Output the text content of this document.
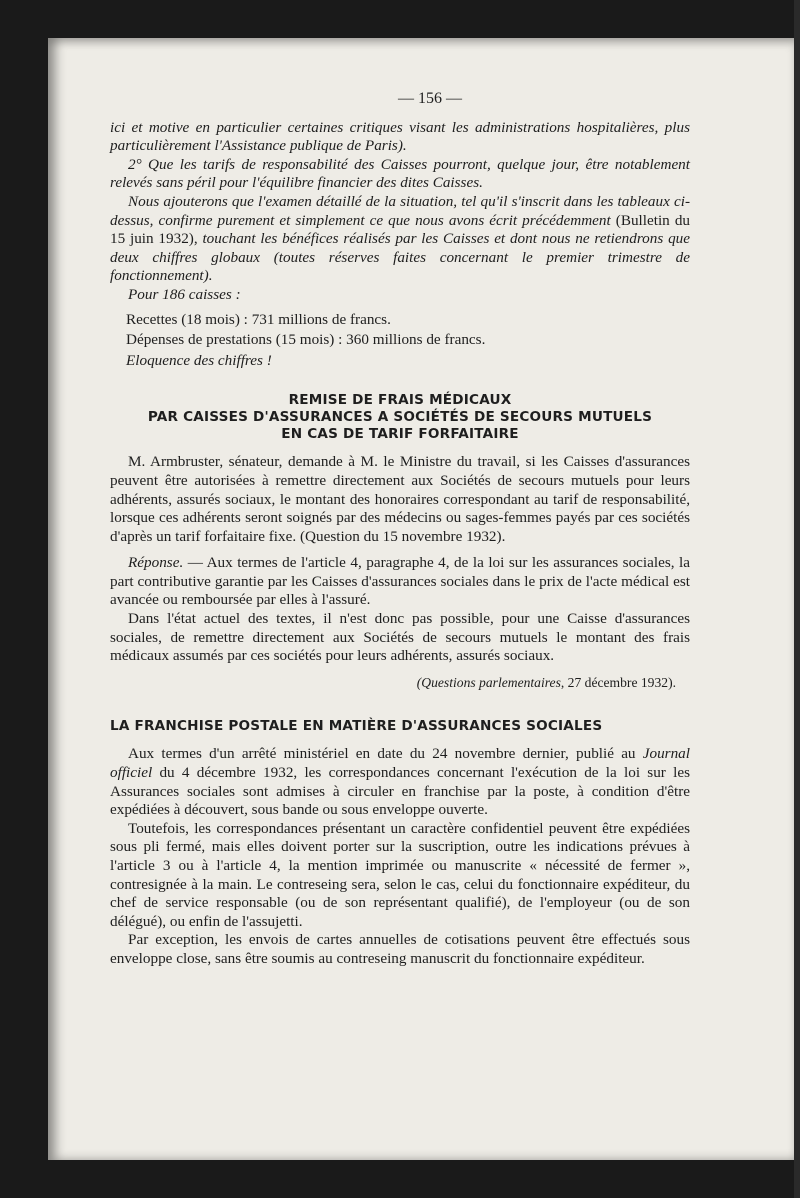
— 156 —

ici et motive en particulier certaines critiques visant les administrations hospitalières, plus particulièrement l'Assistance publique de Paris).

2° Que les tarifs de responsabilité des Caisses pourront, quelque jour, être notablement relevés sans péril pour l'équilibre financier des dites Caisses.

Nous ajouterons que l'examen détaillé de la situation, tel qu'il s'inscrit dans les tableaux ci-dessus, confirme purement et simplement ce que nous avons écrit précédemment (Bulletin du 15 juin 1932), touchant les bénéfices réalisés par les Caisses et dont nous ne retiendrons que deux chiffres globaux (toutes réserves faites concernant le premier trimestre de fonctionnement).

Pour 186 caisses :

Recettes (18 mois) : 731 millions de francs.

Dépenses de prestations (15 mois) : 360 millions de francs.

Eloquence des chiffres !

REMISE DE FRAIS MÉDICAUX
PAR CAISSES D'ASSURANCES A SOCIÉTÉS DE SECOURS MUTUELS
EN CAS DE TARIF FORFAITAIRE

M. Armbruster, sénateur, demande à M. le Ministre du travail, si les Caisses d'assurances peuvent être autorisées à remettre directement aux Sociétés de secours mutuels pour leurs adhérents, assurés sociaux, le montant des honoraires correspondant au tarif de responsabilité, lorsque ces adhérents seront soignés par des médecins ou sages-femmes payés par ces sociétés d'après un tarif forfaitaire fixe. (Question du 15 novembre 1932).

Réponse. — Aux termes de l'article 4, paragraphe 4, de la loi sur les assurances sociales, la part contributive garantie par les Caisses d'assurances sociales dans le prix de l'acte médical est avancée ou remboursée par elles à l'assuré.

Dans l'état actuel des textes, il n'est donc pas possible, pour une Caisse d'assurances sociales, de remettre directement aux Sociétés de secours mutuels le montant des frais médicaux assumés par ces sociétés pour leurs adhérents, assurés sociaux.

(Questions parlementaires, 27 décembre 1932).
LA FRANCHISE POSTALE EN MATIÈRE D'ASSURANCES SOCIALES

Aux termes d'un arrêté ministériel en date du 24 novembre dernier, publié au Journal officiel du 4 décembre 1932, les correspondances concernant l'exécution de la loi sur les Assurances sociales sont admises à circuler en franchise par la poste, à condition d'être expédiées à découvert, sous bande ou sous enveloppe ouverte.

Toutefois, les correspondances présentant un caractère confidentiel peuvent être expédiées sous pli fermé, mais elles doivent porter sur la suscription, outre les indications prévues à l'article 3 ou à l'article 4, la mention imprimée ou manuscrite « nécessité de fermer », contresignée à la main. Le contreseing sera, selon le cas, celui du fonctionnaire expéditeur, du chef de service responsable (ou de son représentant qualifié), de l'employeur (ou de son délégué), ou enfin de l'assujetti.

Par exception, les envois de cartes annuelles de cotisations peuvent être effectués sous enveloppe close, sans être soumis au contreseing manuscrit du fonctionnaire expéditeur.
